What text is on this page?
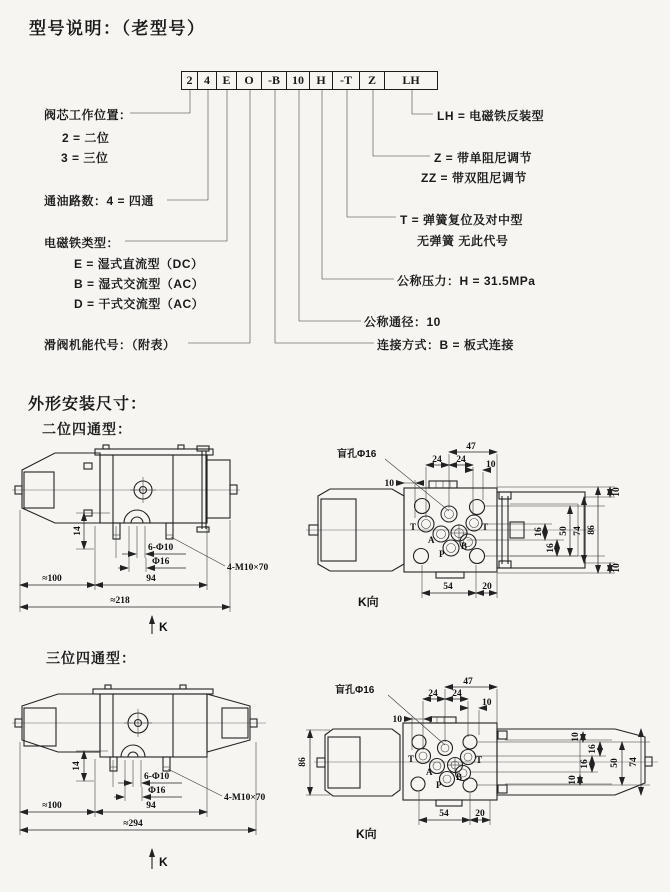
型号说明：（老型号）
2 4	E	O	-B	10	H	-T	Z	LH
阀芯工作位置：
2 = 二位
3 = 三位
通油路数：4 = 四通
电磁铁类型：
E = 湿式直流型（DC）
B = 湿式交流型（AC）
D = 干式交流型（AC）
滑阀机能代号：（附表）
LH = 电磁铁反装型
Z = 带单阻尼调节
ZZ = 带双阻尼调节
T = 弹簧复位及对中型
无弹簧 无此代号
公称压力：H = 31.5MPa
公称通径：10
连接方式：B = 板式连接
外形安装尺寸：
二位四通型：
三位四通型：
14
6-Φ10
Φ16
4-M10×70
≈100	94
≈218
K
T
A
P
B
T
盲孔Φ16
47
24 24
10
10
16
16
50 74 86
10
10
54	20
K向
14
6-Φ10
Φ16
4-M10×70
≈100	94
≈294
K
86	T
A
P
B
T
盲孔Φ16
47
24 24
10
10
10
16
16 50 74
10
54	20
K向
